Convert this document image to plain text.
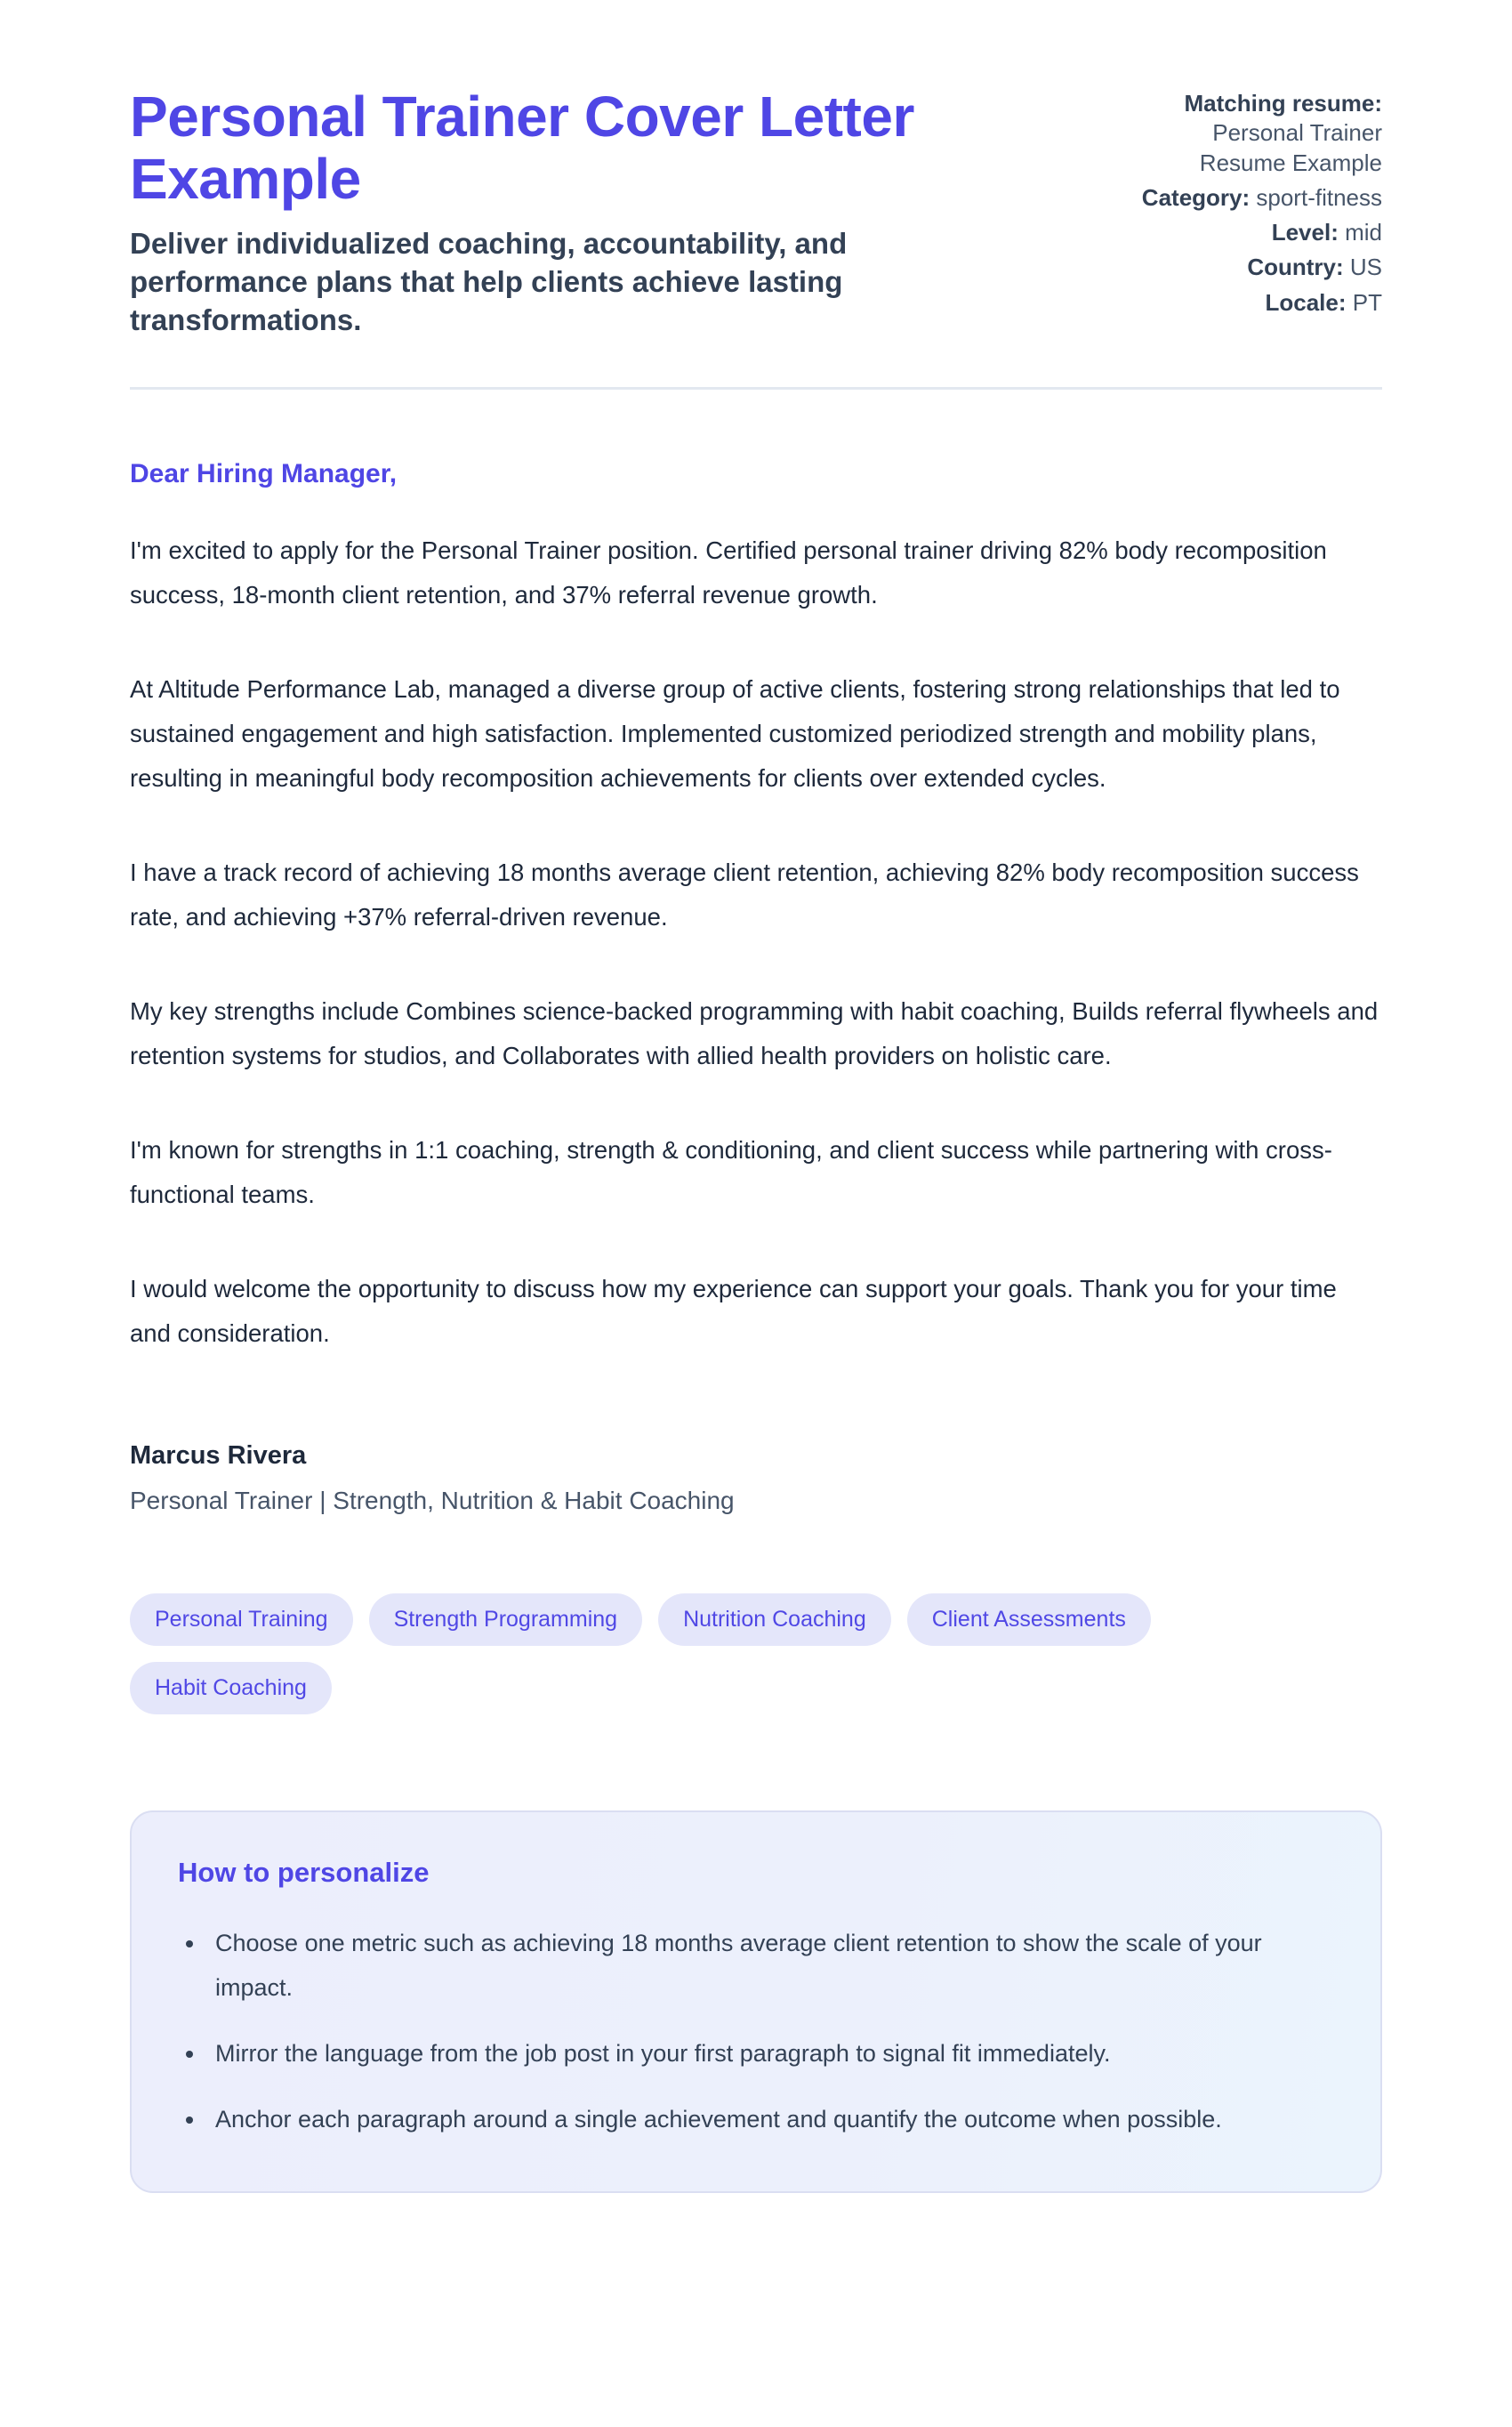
Personal Trainer Cover Letter Example
Deliver individualized coaching, accountability, and performance plans that help clients achieve lasting transformations.
Matching resume: Personal Trainer Resume Example
Category: sport-fitness
Level: mid
Country: US
Locale: PT
Dear Hiring Manager,

I'm excited to apply for the Personal Trainer position. Certified personal trainer driving 82% body recomposition success, 18-month client retention, and 37% referral revenue growth.

At Altitude Performance Lab, managed a diverse group of active clients, fostering strong relationships that led to sustained engagement and high satisfaction. Implemented customized periodized strength and mobility plans, resulting in meaningful body recomposition achievements for clients over extended cycles.

I have a track record of achieving 18 months average client retention, achieving 82% body recomposition success rate, and achieving +37% referral-driven revenue.

My key strengths include Combines science-backed programming with habit coaching, Builds referral flywheels and retention systems for studios, and Collaborates with allied health providers on holistic care.

I'm known for strengths in 1:1 coaching, strength & conditioning, and client success while partnering with cross-functional teams.

I would welcome the opportunity to discuss how my experience can support your goals. Thank you for your time and consideration.

Marcus Rivera
Personal Trainer | Strength, Nutrition & Habit Coaching
Personal Training	Strength Programming	Nutrition Coaching	Client Assessments
Habit Coaching
How to personalize
• Choose one metric such as achieving 18 months average client retention to show the scale of your impact.
• Mirror the language from the job post in your first paragraph to signal fit immediately.
• Anchor each paragraph around a single achievement and quantify the outcome when possible.
